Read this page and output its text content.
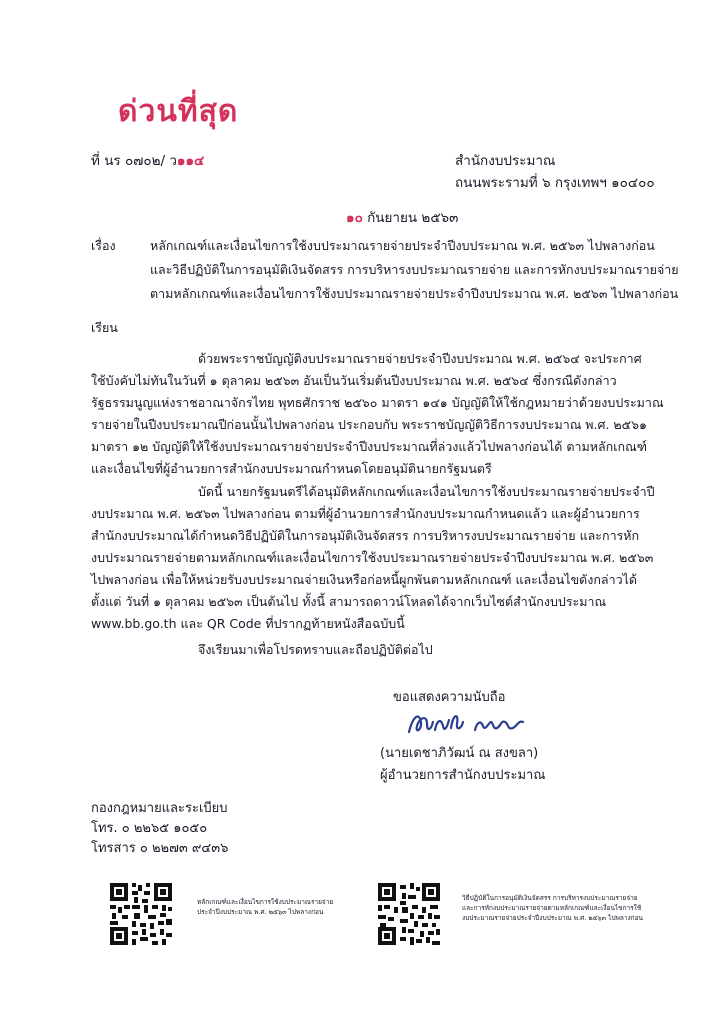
ด่วนที่สุด
ที่ นร ๐๗๐๒/ ว๑๑๔	สำนักงบประมาณ
ถนนพระรามที่ ๖ กรุงเทพฯ ๑๐๔๐๐
๑๐ กันยายน ๒๕๖๓
เรื่อง	หลักเกณฑ์และเงื่อนไขการใช้งบประมาณรายจ่ายประจำปีงบประมาณ พ.ศ. ๒๕๖๓ ไปพลางก่อน
และวิธีปฏิบัติในการอนุมัติเงินจัดสรร การบริหารงบประมาณรายจ่าย และการหักงบประมาณรายจ่าย
ตามหลักเกณฑ์และเงื่อนไขการใช้งบประมาณรายจ่ายประจำปีงบประมาณ พ.ศ. ๒๕๖๓ ไปพลางก่อน
เรียน
ด้วยพระราชบัญญัติงบประมาณรายจ่ายประจำปีงบประมาณ พ.ศ. ๒๕๖๔ จะประกาศ
ใช้บังคับไม่ทันในวันที่ ๑ ตุลาคม ๒๕๖๓ อันเป็นวันเริ่มต้นปีงบประมาณ พ.ศ. ๒๕๖๔ ซึ่งกรณีดังกล่าว
รัฐธรรมนูญแห่งราชอาณาจักรไทย พุทธศักราช ๒๕๖๐ มาตรา ๑๔๑ บัญญัติให้ใช้กฎหมายว่าด้วยงบประมาณ
รายจ่ายในปีงบประมาณปีก่อนนั้นไปพลางก่อน ประกอบกับ พระราชบัญญัติวิธีการงบประมาณ พ.ศ. ๒๕๖๑
มาตรา ๑๒ บัญญัติให้ใช้งบประมาณรายจ่ายประจำปีงบประมาณที่ล่วงแล้วไปพลางก่อนได้ ตามหลักเกณฑ์
และเงื่อนไขที่ผู้อำนวยการสำนักงบประมาณกำหนดโดยอนุมัตินายกรัฐมนตรี
บัดนี้ นายกรัฐมนตรีได้อนุมัติหลักเกณฑ์และเงื่อนไขการใช้งบประมาณรายจ่ายประจำปี
งบประมาณ พ.ศ. ๒๕๖๓ ไปพลางก่อน ตามที่ผู้อำนวยการสำนักงบประมาณกำหนดแล้ว และผู้อำนวยการ
สำนักงบประมาณได้กำหนดวิธีปฏิบัติในการอนุมัติเงินจัดสรร การบริหารงบประมาณรายจ่าย และการหัก
งบประมาณรายจ่ายตามหลักเกณฑ์และเงื่อนไขการใช้งบประมาณรายจ่ายประจำปีงบประมาณ พ.ศ. ๒๕๖๓
ไปพลางก่อน เพื่อให้หน่วยรับงบประมาณจ่ายเงินหรือก่อหนี้ผูกพันตามหลักเกณฑ์ และเงื่อนไขดังกล่าวได้
ตั้งแต่ วันที่ ๑ ตุลาคม ๒๕๖๓ เป็นต้นไป ทั้งนี้ สามารถดาวน์โหลดได้จากเว็บไซต์สำนักงบประมาณ
www.bb.go.th และ QR Code ที่ปรากฏท้ายหนังสือฉบับนี้
จึงเรียนมาเพื่อโปรดทราบและถือปฏิบัติต่อไป
ขอแสดงความนับถือ
(นายเดชาภิวัฒน์ ณ สงขลา)
ผู้อำนวยการสำนักงบประมาณ
กองกฎหมายและระเบียบ
โทร. ๐ ๒๒๖๕ ๑๐๕๐
โทรสาร ๐ ๒๒๗๓ ๙๔๓๖
หลักเกณฑ์และเงื่อนไขการใช้งบประมาณรายจ่าย
ประจำปีงบประมาณ พ.ศ. ๒๕๖๓ ไปพลางก่อน
วิธีปฏิบัติในการอนุมัติเงินจัดสรร การบริหารงบประมาณรายจ่าย
และการหักงบประมาณรายจ่ายตามหลักเกณฑ์และเงื่อนไขการใช้
งบประมาณรายจ่ายประจำปีงบประมาณ พ.ศ. ๒๕๖๓ ไปพลางก่อน
